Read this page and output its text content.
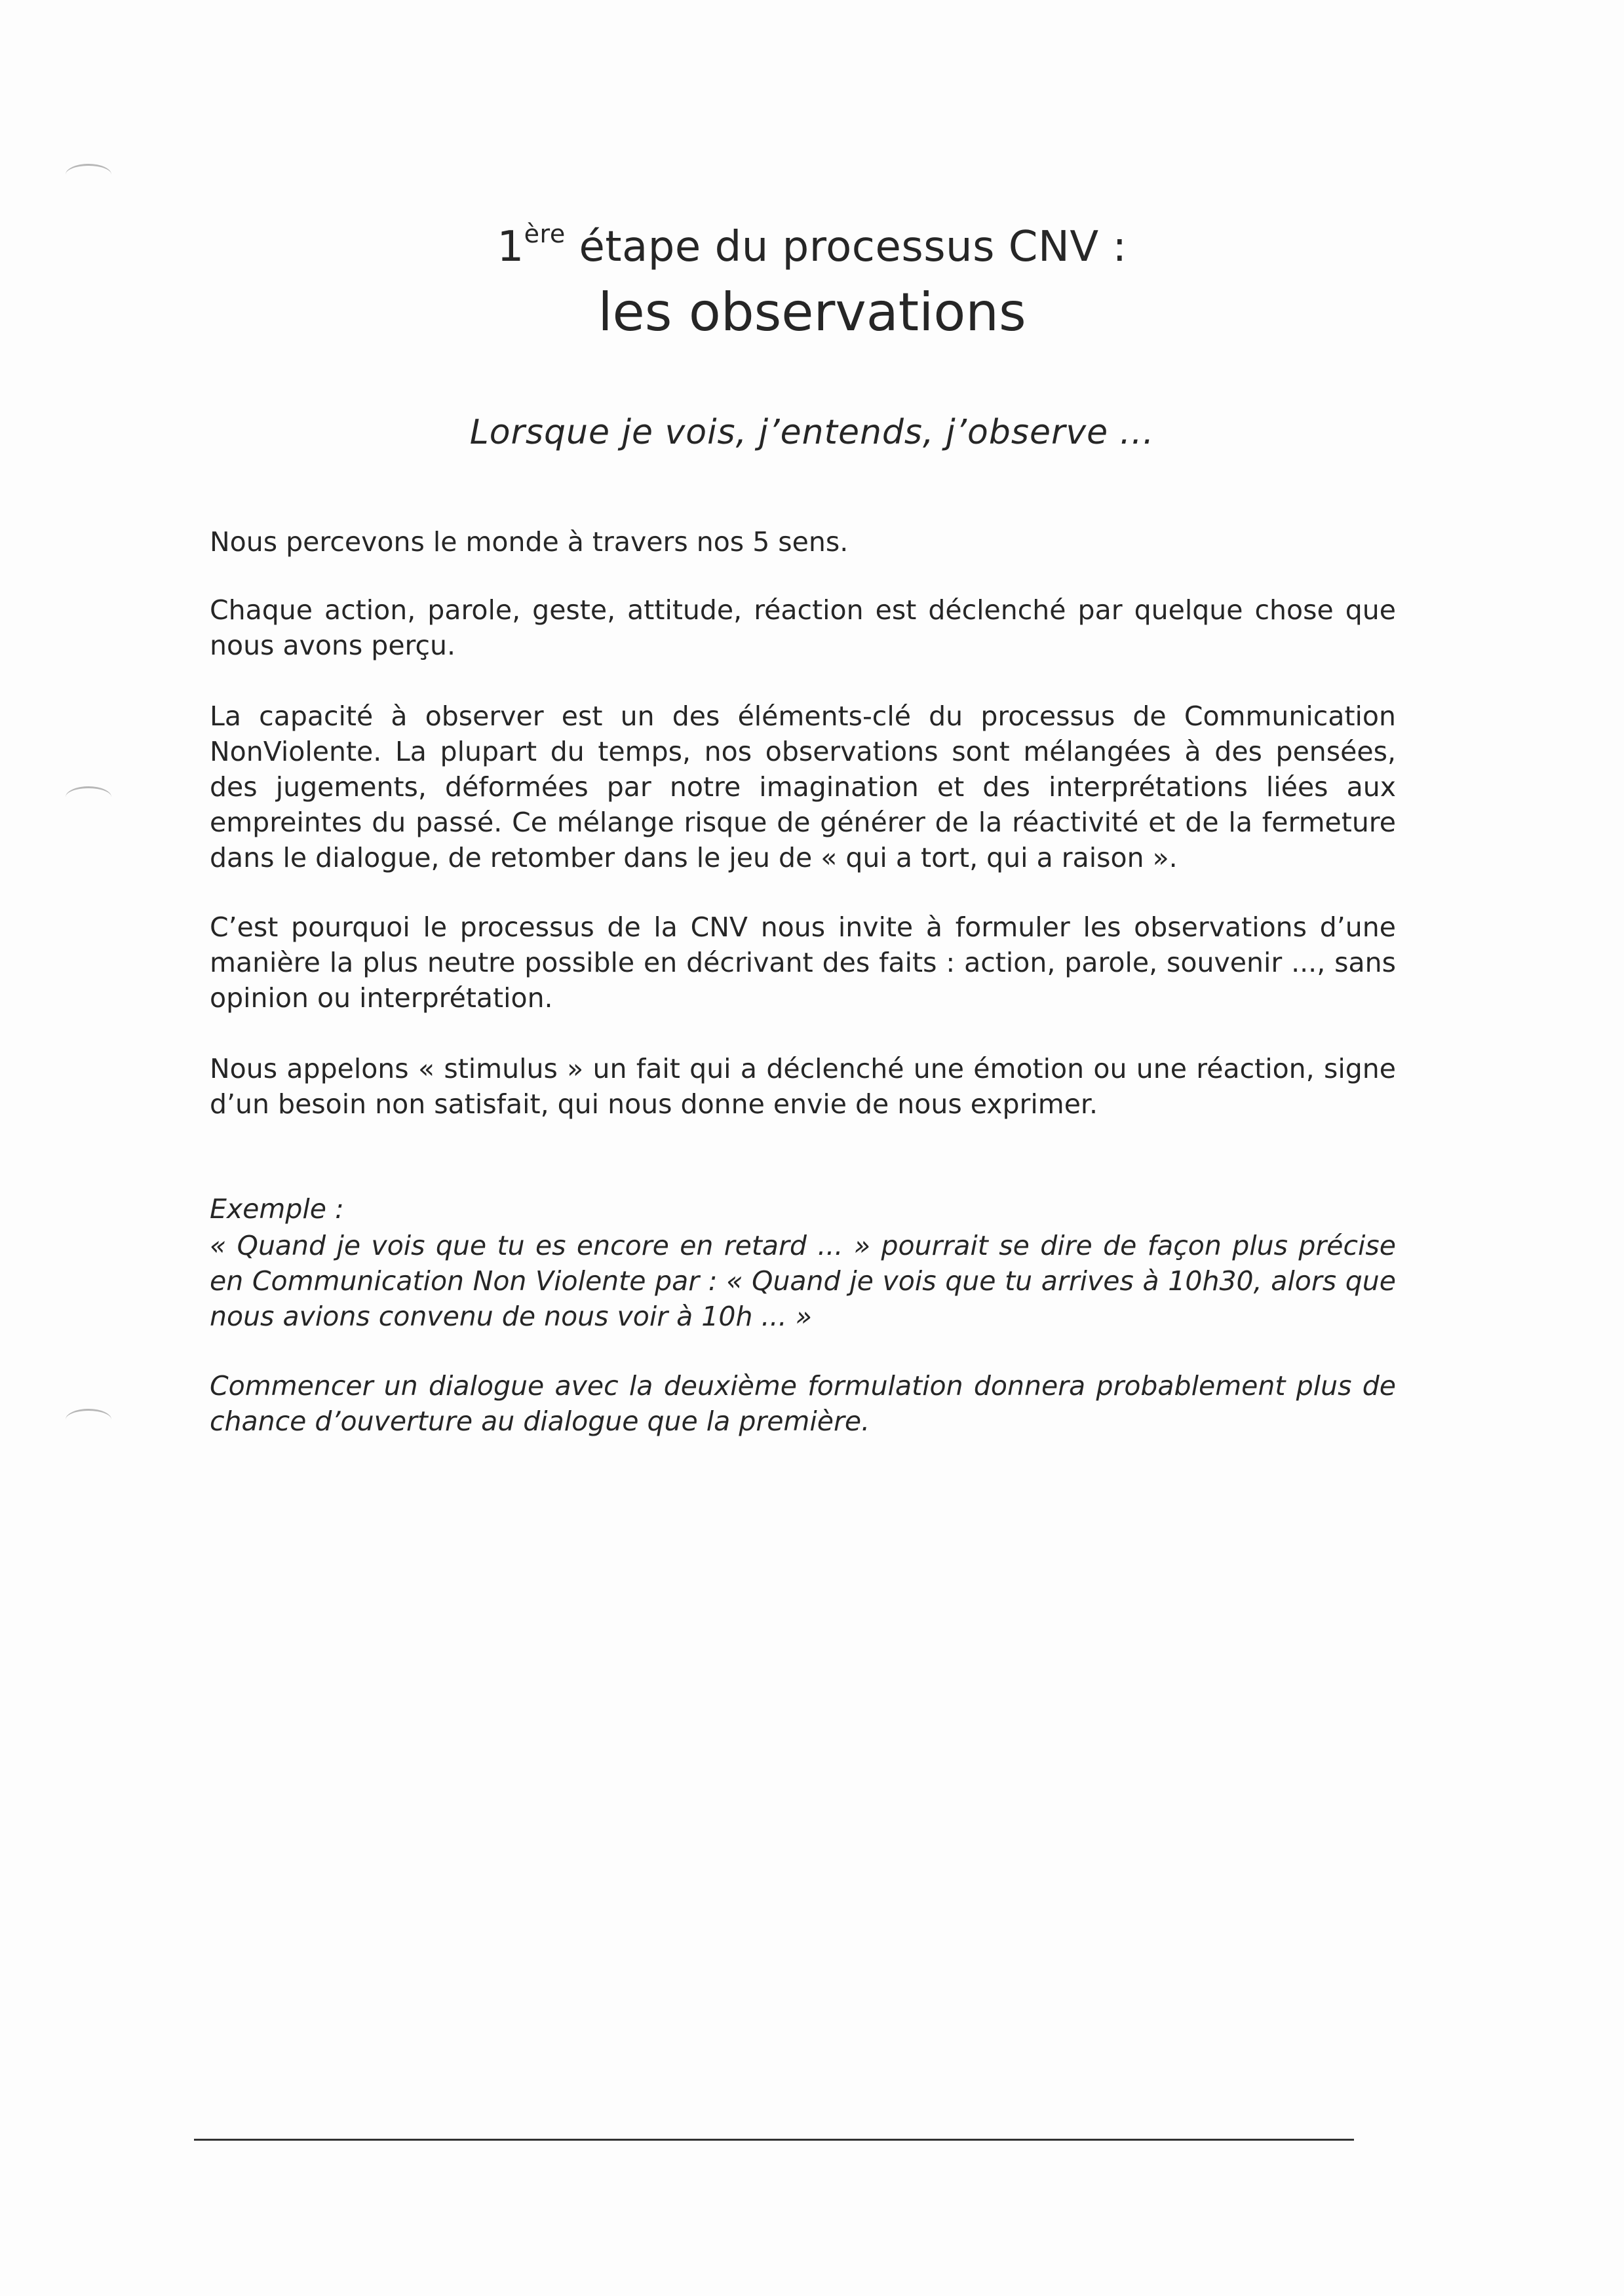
1ère étape du processus CNV :
les observations
Lorsque je vois, j’entends, j’observe ...
Nous percevons le monde à travers nos 5 sens.
Chaque action, parole, geste, attitude, réaction est déclenché par quelque chose que nous avons perçu.
La capacité à observer est un des éléments-clé du processus de Communication NonViolente. La plupart du temps, nos observations sont mélangées à des pensées, des jugements, déformées par notre imagination et des interprétations liées aux empreintes du passé. Ce mélange risque de générer de la réactivité et de la fermeture dans le dialogue, de retomber dans le jeu de « qui a tort, qui a raison ».
C’est pourquoi le processus de la CNV nous invite à formuler les observations d’une manière la plus neutre possible en décrivant des faits : action, parole, souvenir ..., sans opinion ou interprétation.
Nous appelons « stimulus » un fait qui a déclenché une émotion ou une réaction, signe d’un besoin non satisfait, qui nous donne envie de nous exprimer.
Exemple :
« Quand je vois que tu es encore en retard ... » pourrait se dire de façon plus précise en Communication Non Violente par : « Quand je vois que tu arrives à 10h30, alors que nous avions convenu de nous voir à 10h ... »
Commencer un dialogue avec la deuxième formulation donnera probablement plus de chance d’ouverture au dialogue que la première.
